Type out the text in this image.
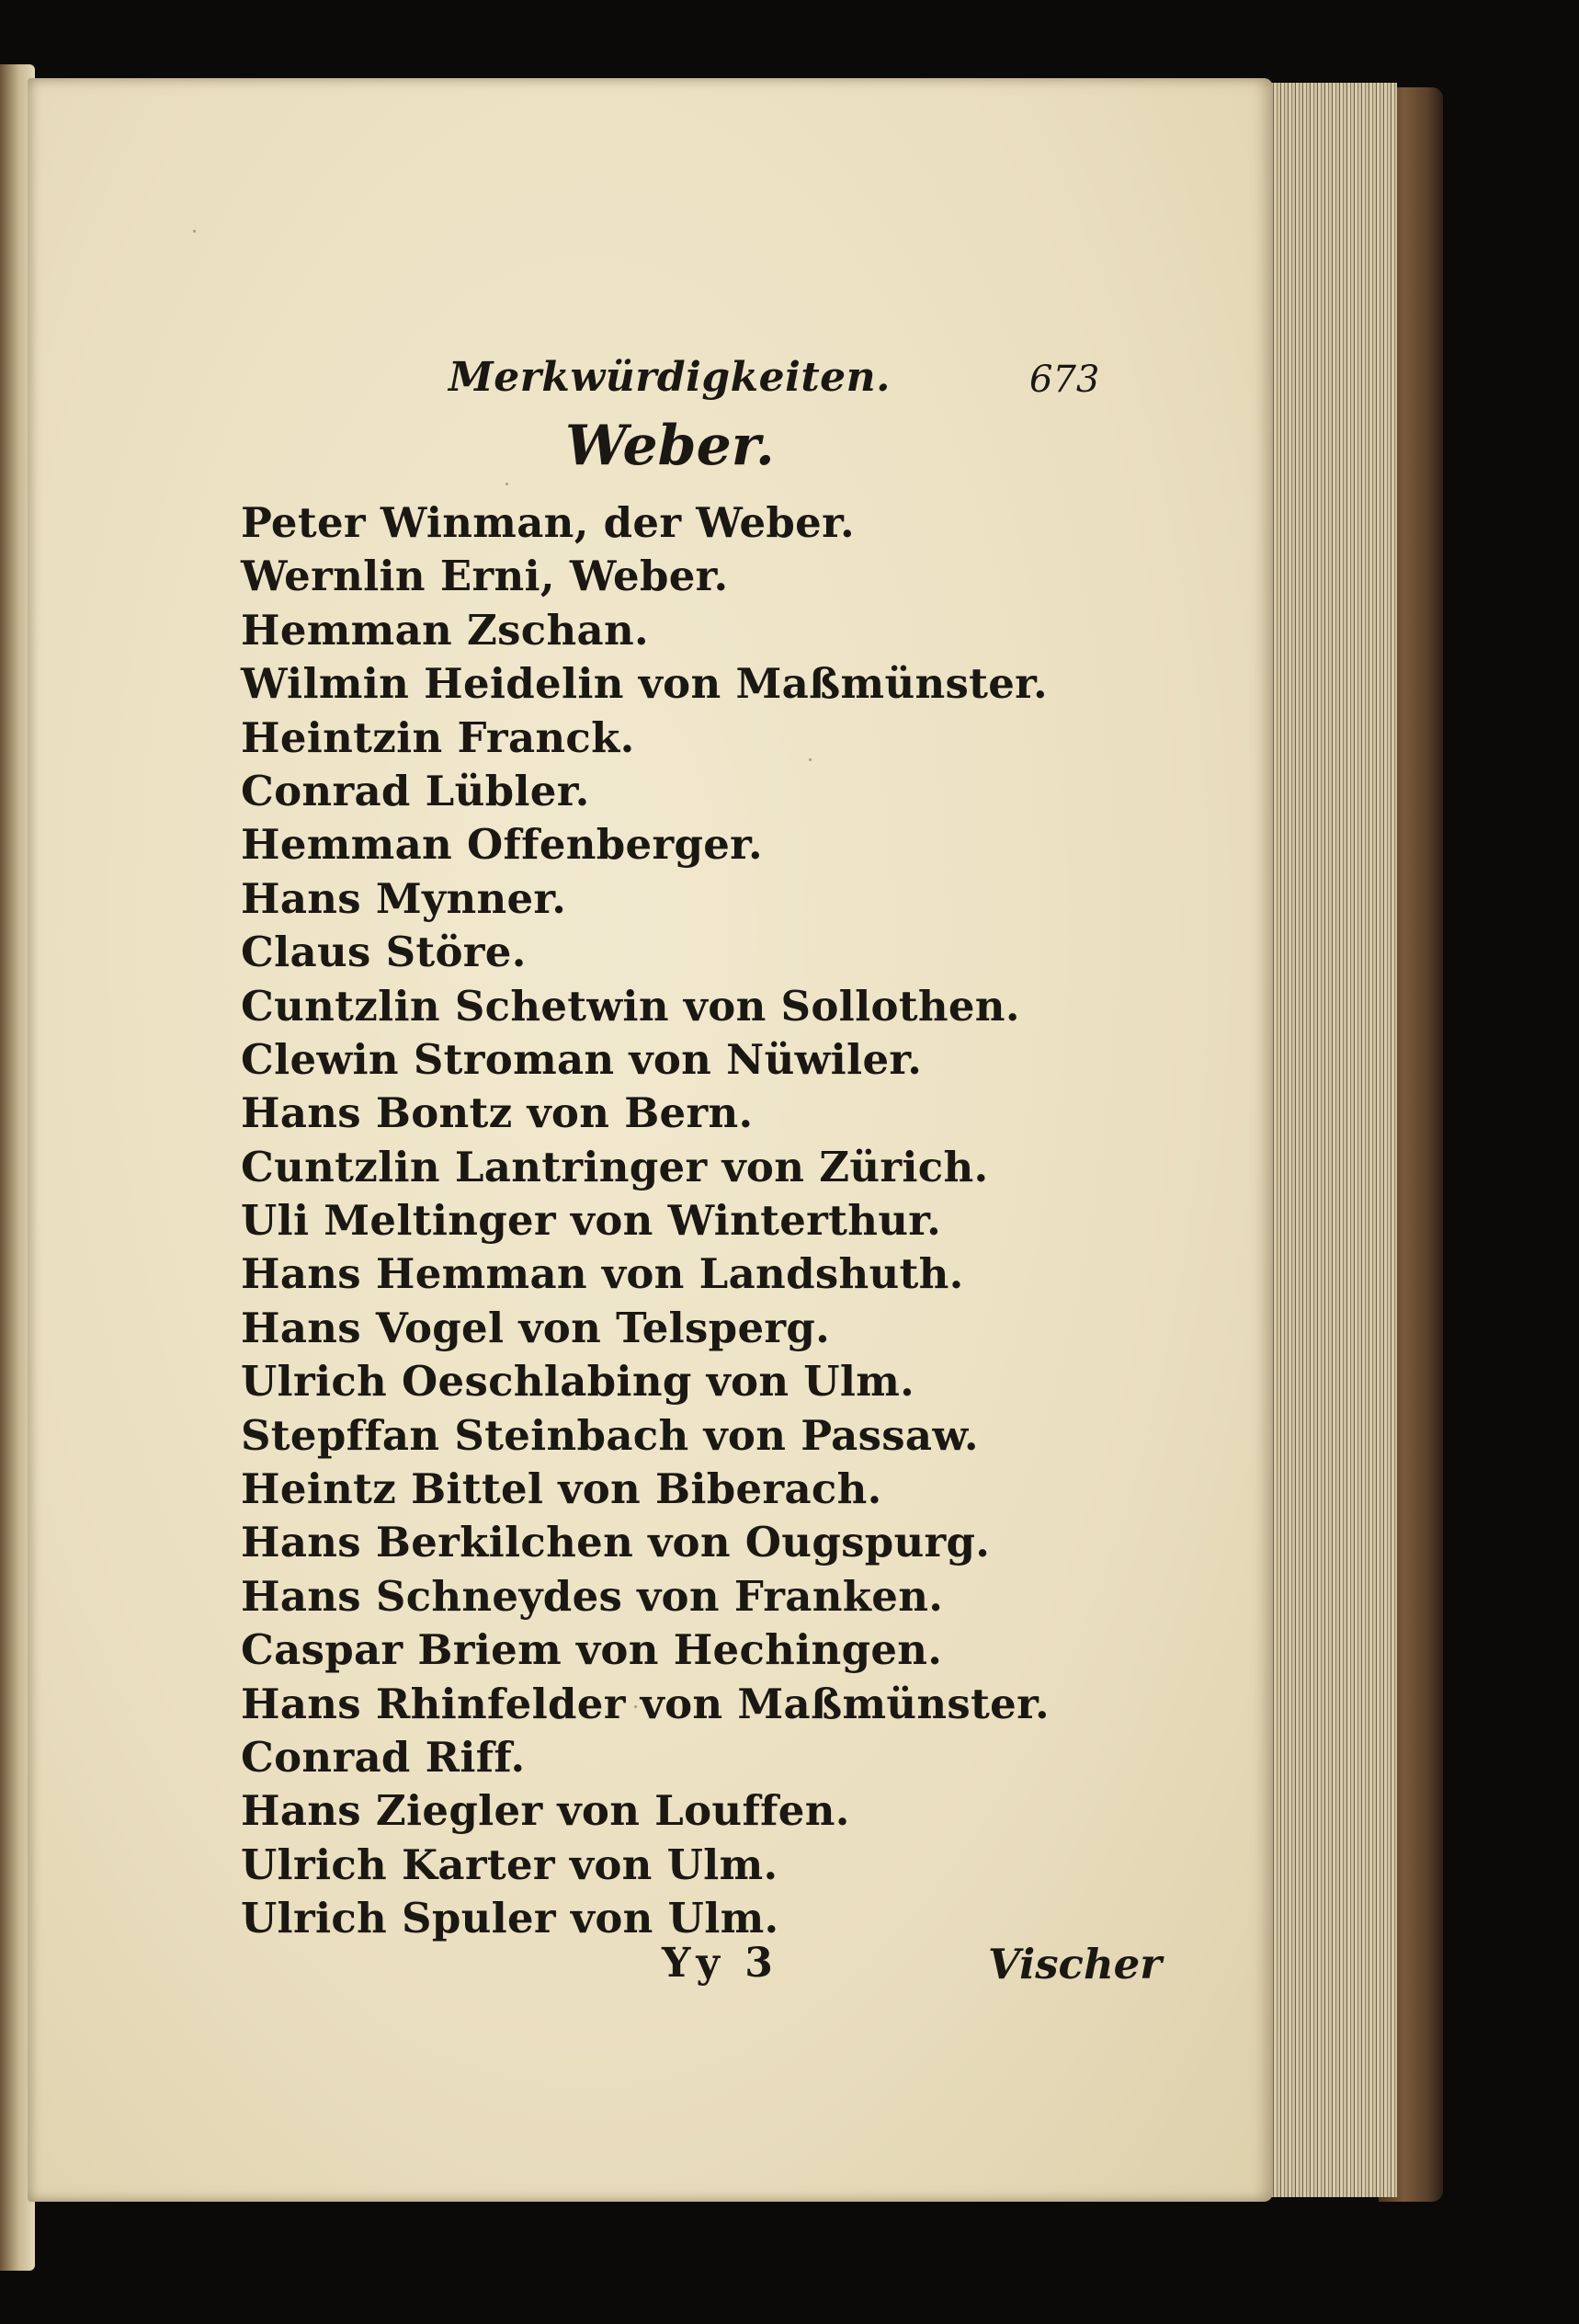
Merkwürdigkeiten.	673
Weber.
Peter Winman, der Weber.
Wernlin Erni, Weber.
Hemman Zschan.
Wilmin Heidelin von Maßmünster.
Heintzin Franck.
Conrad Lübler.
Hemman Offenberger.
Hans Mynner.
Claus Störe.
Cuntzlin Schetwin von Sollothen.
Clewin Stroman von Nüwiler.
Hans Bontz von Bern.
Cuntzlin Lantringer von Zürich.
Uli Meltinger von Winterthur.
Hans Hemman von Landshuth.
Hans Vogel von Telsperg.
Ulrich Oeschlabing von Ulm.
Stepffan Steinbach von Passaw.
Heintz Bittel von Biberach.
Hans Berkilchen von Ougspurg.
Hans Schneydes von Franken.
Caspar Briem von Hechingen.
Hans Rhinfelder von Maßmünster.
Conrad Riff.
Hans Ziegler von Louffen.
Ulrich Karter von Ulm.
Ulrich Spuler von Ulm.
Yy 3	Vischer
